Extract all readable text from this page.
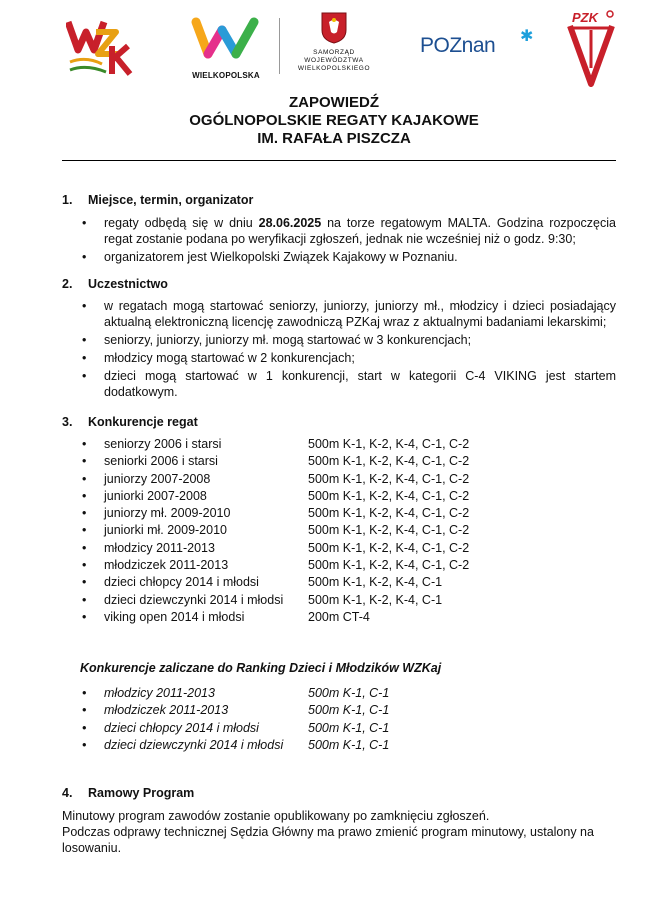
WIELKOPOLSKA
SAMORZĄD
WOJEWÓDZTWA
WIELKOPOLSKIEGO
POZnan ✱
PZK
ZAPOWIEDŹ
OGÓLNOPOLSKIE REGATY KAJAKOWE
IM. RAFAŁA PISZCZA
1. Miejsce, termin, organizator
• regaty odbędą się w dniu 28.06.2025 na torze regatowym MALTA. Godzina rozpoczęcia regat zostanie podana po weryfikacji zgłoszeń, jednak nie wcześniej niż o godz. 9:30;
• organizatorem jest Wielkopolski Związek Kajakowy w Poznaniu.
2. Uczestnictwo
• w regatach mogą startować seniorzy, juniorzy, juniorzy mł., młodzicy i dzieci posiadający aktualną elektroniczną licencję zawodniczą PZKaj wraz z aktualnymi badaniami lekarskimi;
• seniorzy, juniorzy, juniorzy mł. mogą startować w 3 konkurencjach;
• młodzicy mogą startować w 2 konkurencjach;
• dzieci mogą startować w 1 konkurencji, start w kategorii C-4 VIKING jest startem dodatkowym.
3. Konkurencje regat
• seniorzy 2006 i starsi	500m K-1, K-2, K-4, C-1, C-2
• seniorki 2006 i starsi	500m K-1, K-2, K-4, C-1, C-2
• juniorzy 2007-2008	500m K-1, K-2, K-4, C-1, C-2
• juniorki 2007-2008	500m K-1, K-2, K-4, C-1, C-2
• juniorzy mł. 2009-2010	500m K-1, K-2, K-4, C-1, C-2
• juniorki mł. 2009-2010	500m K-1, K-2, K-4, C-1, C-2
• młodzicy 2011-2013	500m K-1, K-2, K-4, C-1, C-2
• młodziczek 2011-2013	500m K-1, K-2, K-4, C-1, C-2
• dzieci chłopcy 2014 i młodsi	500m K-1, K-2, K-4, C-1
• dzieci dziewczynki 2014 i młodsi 500m K-1, K-2, K-4, C-1
• viking open 2014 i młodsi	200m CT-4
Konkurencje zaliczane do Ranking Dzieci i Młodzików WZKaj
• młodzicy 2011-2013	500m K-1, C-1
• młodziczek 2011-2013	500m K-1, C-1
• dzieci chłopcy 2014 i młodsi	500m K-1, C-1
• dzieci dziewczynki 2014 i młodsi 500m K-1, C-1
4. Ramowy Program
Minutowy program zawodów zostanie opublikowany po zamknięciu zgłoszeń.
Podczas odprawy technicznej Sędzia Główny ma prawo zmienić program minutowy, ustalony na losowaniu.
